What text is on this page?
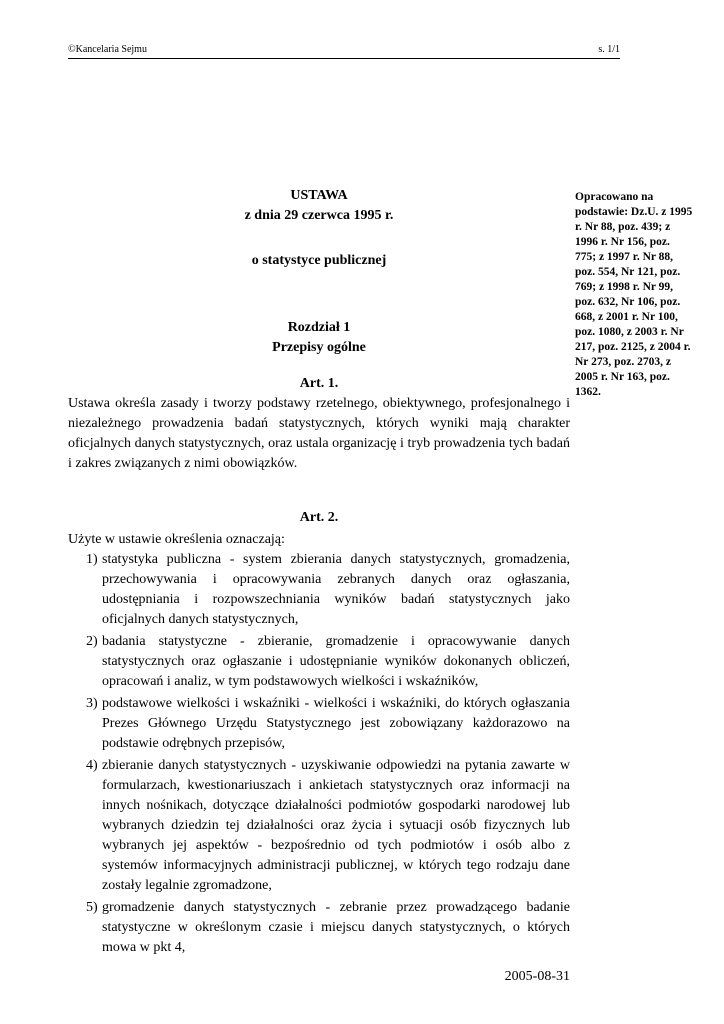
©Kancelaria Sejmu	s. 1/1

USTAWA

z dnia 29 czerwca 1995 r.

o statystyce publicznej

Rozdział 1

Przepisy ogólne

Art. 1.

Ustawa określa zasady i tworzy podstawy rzetelnego, obiektywnego, profesjonalnego i niezależnego prowadzenia badań statystycznych, których wyniki mają charakter oficjalnych danych statystycznych, oraz ustala organizację i tryb prowadzenia tych badań i zakres związanych z nimi obowiązków.

Art. 2.

Użyte w ustawie określenia oznaczają:

1) statystyka publiczna - system zbierania danych statystycznych, gromadzenia, przechowywania i opracowywania zebranych danych oraz ogłaszania, udostępniania i rozpowszechniania wyników badań statystycznych jako oficjalnych danych statystycznych,
2) badania statystyczne - zbieranie, gromadzenie i opracowywanie danych statystycznych oraz ogłaszanie i udostępnianie wyników dokonanych obliczeń, opracowań i analiz, w tym podstawowych wielkości i wskaźników,
3) podstawowe wielkości i wskaźniki - wielkości i wskaźniki, do których ogłaszania Prezes Głównego Urzędu Statystycznego jest zobowiązany każdorazowo na podstawie odrębnych przepisów,
4) zbieranie danych statystycznych - uzyskiwanie odpowiedzi na pytania zawarte w formularzach, kwestionariuszach i ankietach statystycznych oraz informacji na innych nośnikach, dotyczące działalności podmiotów gospodarki narodowej lub wybranych dziedzin tej działalności oraz życia i sytuacji osób fizycznych lub wybranych jej aspektów - bezpośrednio od tych podmiotów i osób albo z systemów informacyjnych administracji publicznej, w których tego rodzaju dane zostały legalnie zgromadzone,
5) gromadzenie danych statystycznych - zebranie przez prowadzącego badanie statystyczne w określonym czasie i miejscu danych statystycznych, o których mowa w pkt 4,
Opracowano na podstawie: Dz.U. z 1995 r. Nr 88, poz. 439; z 1996 r. Nr 156, poz. 775; z 1997 r. Nr 88, poz. 554, Nr 121, poz. 769; z 1998 r. Nr 99, poz. 632, Nr 106, poz. 668, z 2001 r. Nr 100, poz. 1080, z 2003 r. Nr 217, poz. 2125, z 2004 r. Nr 273, poz. 2703, z 2005 r. Nr 163, poz. 1362.
2005-08-31
